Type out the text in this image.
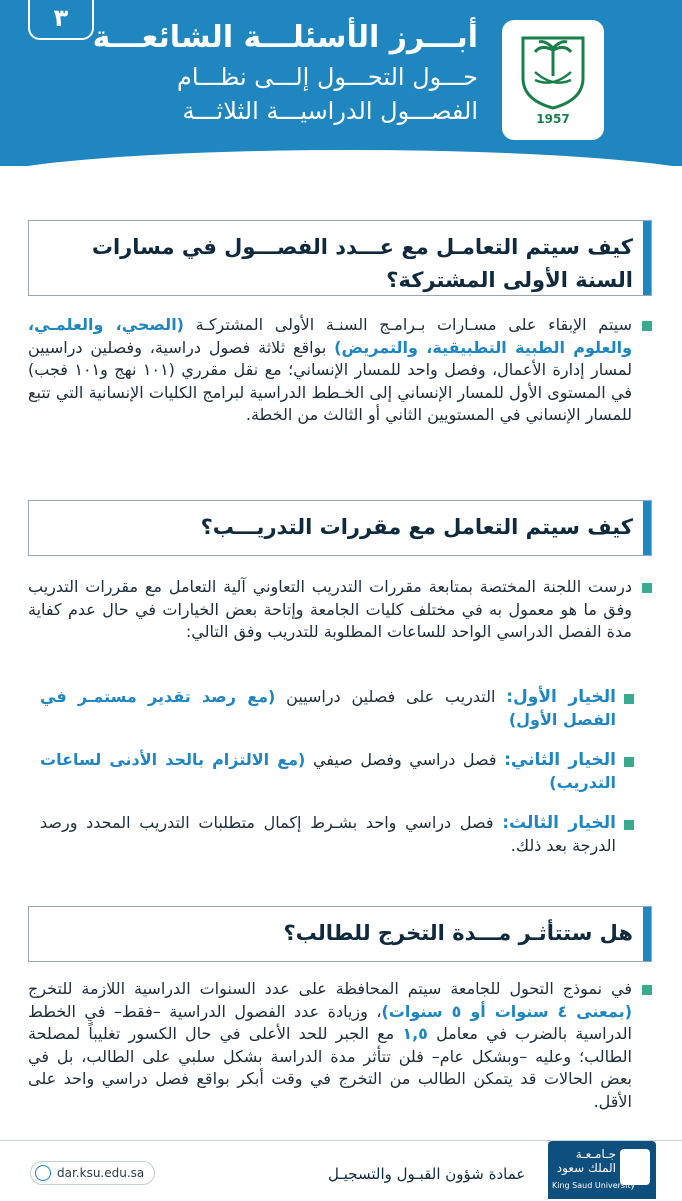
٣
أبـــرز الأسئلـــة الشائعـــة
حـــول التحـــول إلـــى نظـــام
الفصـــول الدراسيـــة الثلاثـــة	1957
كيف سيتم التعامـل مع عـــدد الفصـــول في مسارات السنة الأولى المشتركة؟
سيتم الإبقاء على مسـارات بـرامـج السنـة الأولى المشتركـة (الصحي، والعلمـي، والعلوم الطبية التطبيقية، والتمريض) بواقع ثلاثة فصول دراسية، وفصلين دراسيين لمسار إدارة الأعمال، وفصل واحد للمسار الإنساني؛ مع نقل مقرري (١٠١ نهج و١٠١ فجب) في المستوى الأول للمسار الإنساني إلى الخـطط الدراسية لبرامج الكليات الإنسانية التي تتبع للمسار الإنساني في المستويين الثاني أو الثالث من الخطة.
كيف سيتم التعامل مع مقررات التدريـــب؟
درست اللجنة المختصة بمتابعة مقررات التدريب التعاوني آلية التعامل مع مقررات التدريب وفق ما هو معمول به في مختلف كليات الجامعة وإتاحة بعض الخيارات في حال عدم كفاية مدة الفصل الدراسي الواحد للساعات المطلوبة للتدريب وفق التالي:
الخيار الأول: التدريب على فصلين دراسيين (مع رصد تقدير مستمـر في الفصل الأول)
الخيار الثاني: فصل دراسي وفصل صيفي (مع الالتزام بالحد الأدنى لساعات التدريب)
الخيار الثالث: فصل دراسي واحد بشـرط إكمال متطلبات التدريب المحدد ورصد الدرجة بعد ذلك.
هل ستتأثـر مـــدة التخرج للطالب؟
في نموذج التحول للجامعة سيتم المحافظة على عدد السنوات الدراسية اللازمة للتخرج (بمعنى ٤ سنوات أو ٥ سنوات)، وزيادة عدد الفصول الدراسية –فقط– في الخطط الدراسية بالضرب في معامل ١,٥ مع الجبر للحد الأعلى في حال الكسور تغليباً لمصلحة الطالب؛ وعليه –وبشكل عام– فلن تتأثر مدة الدراسة بشكل سلبي على الطالب، بل في بعض الحالات قد يتمكن الطالب من التخرج في وقت أبكر بواقع فصل دراسي واحد على الأقل.
dar.ksu.edu.sa	عمادة شؤون القبـول والتسجيـل
جـامـعـة
الملك سعود
King Saud University
